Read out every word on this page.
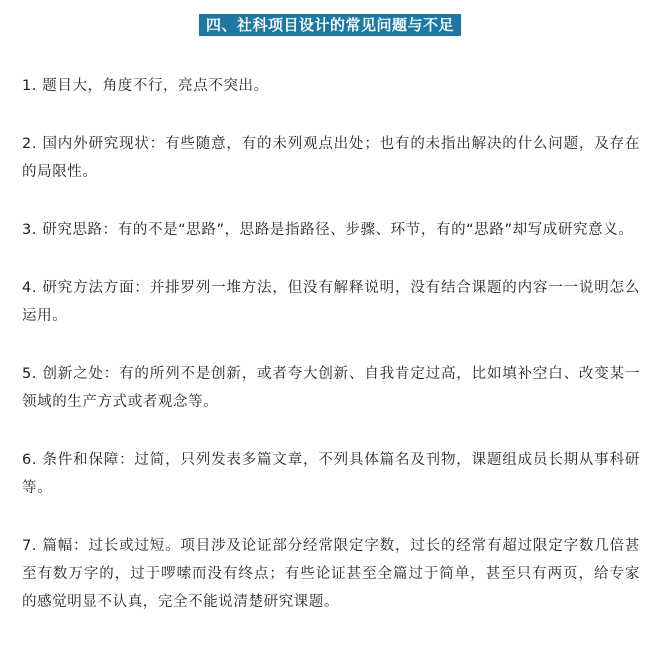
四、社科项目设计的常见问题与不足

1. 题目大，角度不行，亮点不突出。

2. 国内外研究现状：有些随意，有的未列观点出处；也有的未指出解决的什么问题，及存在的局限性。

3. 研究思路：有的不是“思路”，思路是指路径、步骤、环节，有的“思路”却写成研究意义。

4. 研究方法方面：并排罗列一堆方法，但没有解释说明，没有结合课题的内容一一说明怎么运用。

5. 创新之处：有的所列不是创新，或者夸大创新、自我肯定过高，比如填补空白、改变某一领域的生产方式或者观念等。

6. 条件和保障：过简，只列发表多篇文章，不列具体篇名及刊物，课题组成员长期从事科研等。

7. 篇幅：过长或过短。项目涉及论证部分经常限定字数，过长的经常有超过限定字数几倍甚至有数万字的，过于啰嗦而没有终点；有些论证甚至全篇过于简单，甚至只有两页，给专家的感觉明显不认真，完全不能说清楚研究课题。
